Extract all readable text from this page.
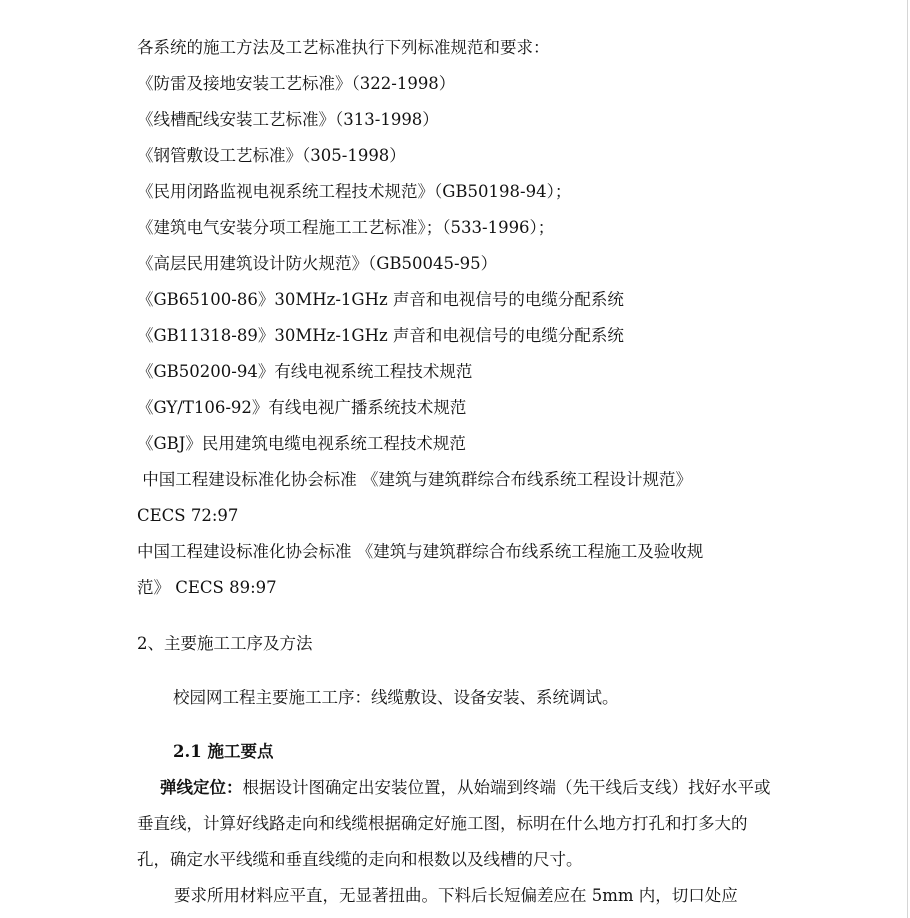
各系统的施工方法及工艺标准执行下列标准规范和要求：
《防雷及接地安装工艺标准》（322-1998）
《线槽配线安装工艺标准》（313-1998）
《钢管敷设工艺标准》（305-1998）
《民用闭路监视电视系统工程技术规范》（GB50198-94）；
《建筑电气安装分项工程施工工艺标准》；（533-1996）；
《高层民用建筑设计防火规范》（GB50045-95）
《GB65100-86》30MHz-1GHz 声音和电视信号的电缆分配系统
《GB11318-89》30MHz-1GHz 声音和电视信号的电缆分配系统
《GB50200-94》有线电视系统工程技术规范
《GY/T106-92》有线电视广播系统技术规范
《GBJ》民用建筑电缆电视系统工程技术规范
中国工程建设标准化协会标准 《建筑与建筑群综合布线系统工程设计规范》
CECS 72:97
中国工程建设标准化协会标准 《建筑与建筑群综合布线系统工程施工及验收规
范》 CECS 89:97
2、主要施工工序及方法
校园网工程主要施工工序：线缆敷设、设备安装、系统调试。
2.1 施工要点
弹线定位：根据设计图确定出安装位置，从始端到终端（先干线后支线）找好水平或垂直线，计算好线路走向和线缆根据确定好施工图，标明在什么地方打孔和打多大的孔，确定水平线缆和垂直线缆的走向和根数以及线槽的尺寸。
要求所用材料应平直，无显著扭曲。下料后长短偏差应在 5mm 内，切口处应
